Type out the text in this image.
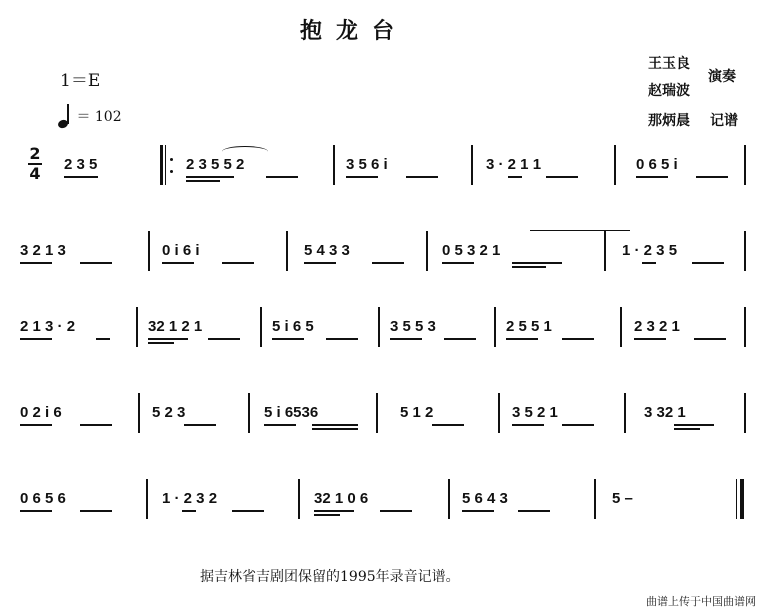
抱龙台
1＝E
＝ 102
王玉良
赵瑞波
演奏
那炳晨 记谱
2
4 2 3 5	2 3 5 5 2	3 5 6 i	3 · 2 1 1	0 6 5 i
3 2 1 3	0 i 6 i	5 4 3 3	0 5 3 2 1	1 · 2 3 5
2 1 3 · 2	32 1 2 1	5 i 6 5	3 5 5 3	2 5 5 1	2 3 2 1
0 2 i 6	5 2 3	5 i 6536	5 1 2	3 5 2 1	3 32 1
0 6 5 6	1 · 2 3 2	32 1 0 6	5 6 4 3	5 –
据吉林省吉剧团保留的1995年录音记谱。
曲谱上传于中国曲谱网
